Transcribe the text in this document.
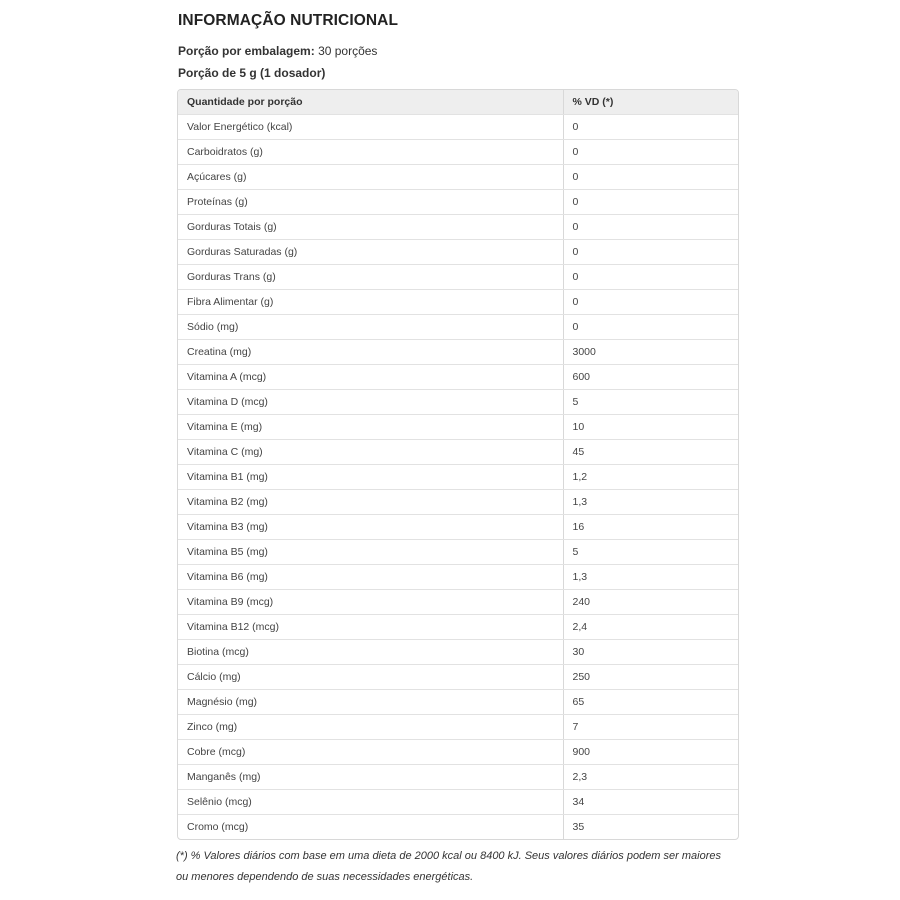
INFORMAÇÃO NUTRICIONAL
Porção por embalagem: 30 porções
Porção de 5 g (1 dosador)
Quantidade por porção	% VD (*)
Valor Energético (kcal)	0
Carboidratos (g)	0
Açúcares (g)	0
Proteínas (g)	0
Gorduras Totais (g)	0
Gorduras Saturadas (g)	0
Gorduras Trans (g)	0
Fibra Alimentar (g)	0
Sódio (mg)	0
Creatina (mg)	3000
Vitamina A (mcg)	600
Vitamina D (mcg)	5
Vitamina E (mg)	10
Vitamina C (mg)	45
Vitamina B1 (mg)	1,2
Vitamina B2 (mg)	1,3
Vitamina B3 (mg)	16
Vitamina B5 (mg)	5
Vitamina B6 (mg)	1,3
Vitamina B9 (mcg)	240
Vitamina B12 (mcg)	2,4
Biotina (mcg)	30
Cálcio (mg)	250
Magnésio (mg)	65
Zinco (mg)	7
Cobre (mcg)	900
Manganês (mg)	2,3
Selênio (mcg)	34
Cromo (mcg)	35

(*) % Valores diários com base em uma dieta de 2000 kcal ou 8400 kJ. Seus valores diários podem ser maiores ou menores dependendo de suas necessidades energéticas.
